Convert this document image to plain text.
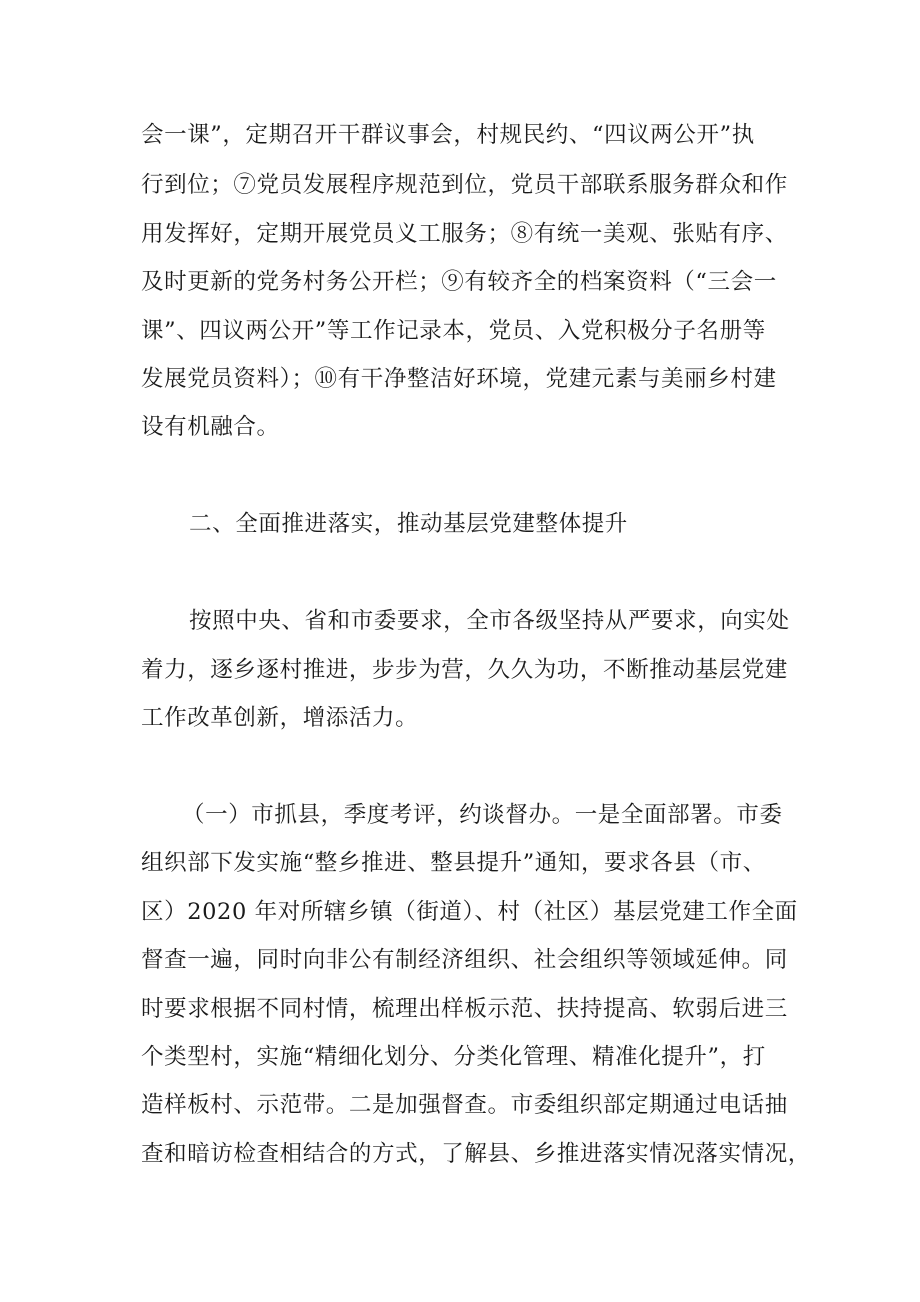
会一课”，定期召开干群议事会，村规民约、“四议两公开”执
行到位；⑦党员发展程序规范到位，党员干部联系服务群众和作
用发挥好，定期开展党员义工服务；⑧有统一美观、张贴有序、
及时更新的党务村务公开栏；⑨有较齐全的档案资料（“三会一
课”、四议两公开”等工作记录本，党员、入党积极分子名册等
发展党员资料）；⑩有干净整洁好环境，党建元素与美丽乡村建
设有机融合。
二、全面推进落实，推动基层党建整体提升
按照中央、省和市委要求，全市各级坚持从严要求，向实处
着力，逐乡逐村推进，步步为营，久久为功，不断推动基层党建
工作改革创新，增添活力。
（一）市抓县，季度考评，约谈督办。一是全面部署。市委
组织部下发实施“整乡推进、整县提升”通知，要求各县（市、
区）2020 年对所辖乡镇（街道）、村（社区）基层党建工作全面
督查一遍，同时向非公有制经济组织、社会组织等领域延伸。同
时要求根据不同村情，梳理出样板示范、扶持提高、软弱后进三
个类型村，实施“精细化划分、分类化管理、精准化提升”，打
造样板村、示范带。二是加强督查。市委组织部定期通过电话抽
查和暗访检查相结合的方式，了解县、乡推进落实情况落实情况，
